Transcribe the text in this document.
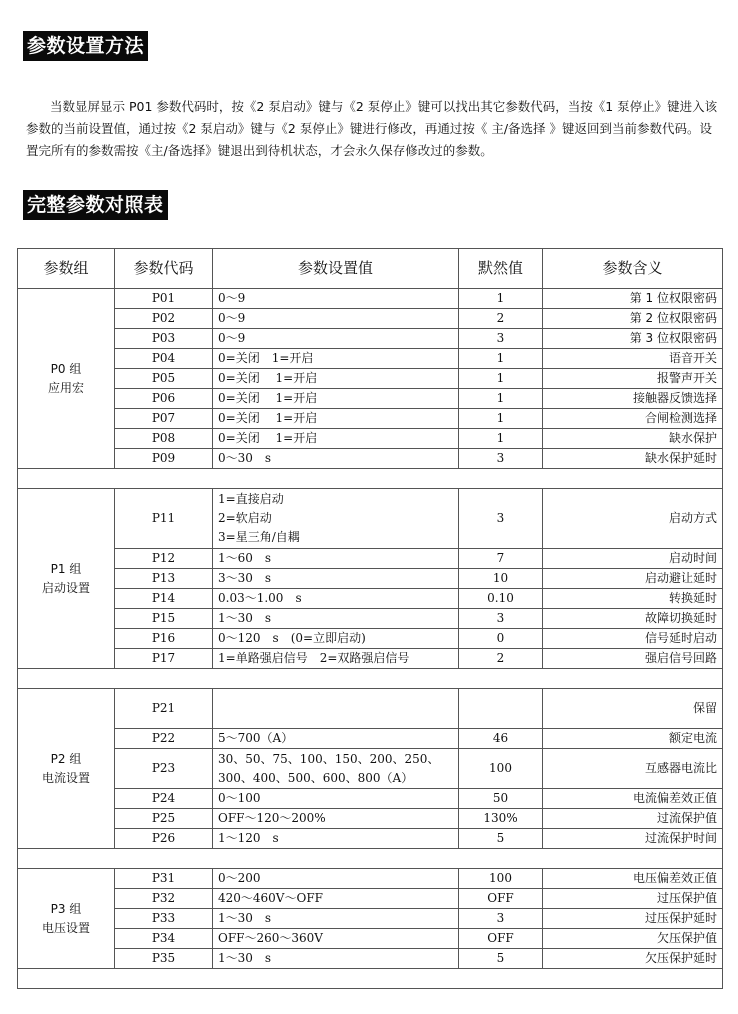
参数设置方法

当数显屏显示 P01 参数代码时，按《2 泵启动》键与《2 泵停止》键可以找出其它参数代码，当按《1 泵停止》键进入该参数的当前设置值，通过按《2 泵启动》键与《2 泵停止》键进行修改，再通过按《 主/备选择 》键返回到当前参数代码。设置完所有的参数需按《主/备选择》键退出到待机状态，才会永久保存修改过的参数。

完整参数对照表
参数组	参数代码	参数设置值	默然值	参数含义
P0 组
应用宏	P01	0～9	1	第 1 位权限密码
	P02	0～9	2	第 2 位权限密码
	P03	0～9	3	第 3 位权限密码
	P04	0=关闭　1=开启	1	语音开关
	P05	0=关闭　 1=开启	1	报警声开关
	P06	0=关闭　 1=开启	1	接触器反馈选择
	P07	0=关闭　 1=开启	1	合闸检测选择
	P08	0=关闭　 1=开启	1	缺水保护
	P09	0～30　s	3	缺水保护延时

P1 组
启动设置	P11	1=直接启动
2=软启动
3=星三角/自耦	3	启动方式
	P12	1～60　s	7	启动时间
	P13	3～30　s	10	启动避让延时
	P14	0.03～1.00　s	0.10	转换延时
	P15	1～30　s	3	故障切换延时
	P16	0～120　s　(0=立即启动)	0	信号延时启动
	P17	1=单路强启信号　2=双路强启信号	2	强启信号回路

P2 组
电流设置	P21			保留
	P22	5～700（A）	46	额定电流
	P23	30、50、75、100、150、200、250、
300、400、500、600、800（A）	100	互感器电流比
	P24	0～100	50	电流偏差效正值
	P25	OFF～120～200%	130%	过流保护值
	P26	1～120　s	5	过流保护时间

P3 组
电压设置	P31	0～200	100	电压偏差效正值
	P32	420～460V～OFF	OFF	过压保护值
	P33	1～30　s	3	过压保护延时
	P34	OFF～260～360V	OFF	欠压保护值
	P35	1～30　s	5	欠压保护延时
